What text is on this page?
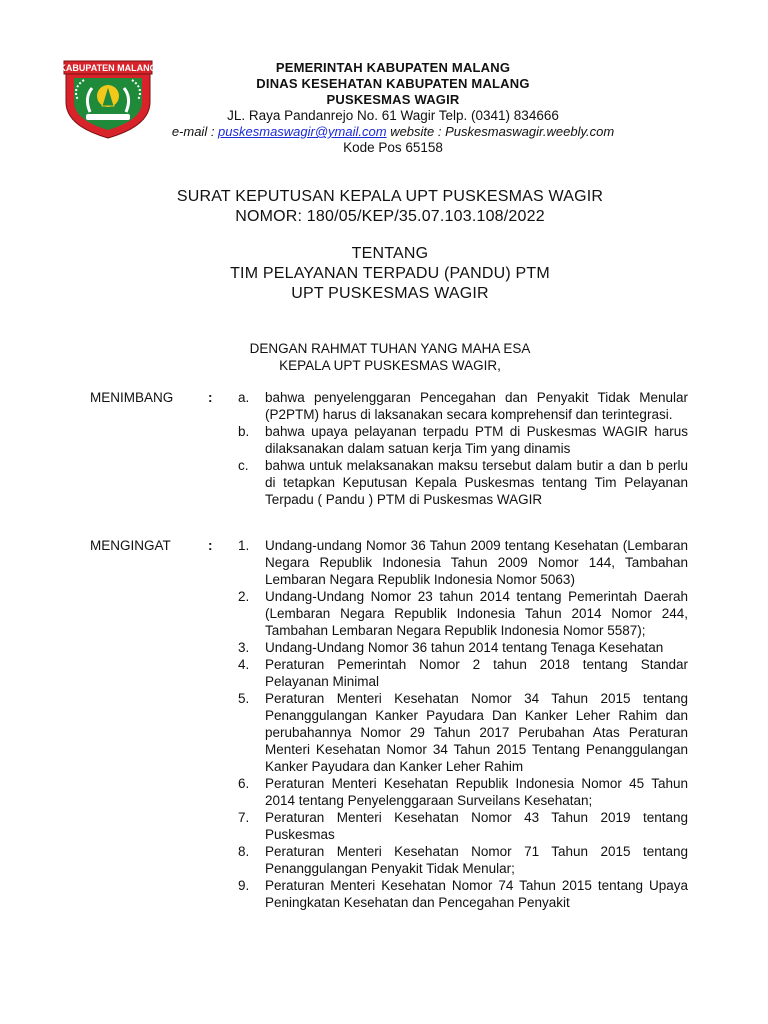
KABUPATEN MALANG	PEMERINTAH KABUPATEN MALANG
DINAS KESEHATAN KABUPATEN MALANG
PUSKESMAS WAGIR
JL. Raya Pandanrejo No. 61 Wagir Telp. (0341) 834666
e-mail : puskesmaswagir@ymail.com website : Puskesmaswagir.weebly.com
Kode Pos 65158
SURAT KEPUTUSAN KEPALA UPT PUSKESMAS WAGIR
NOMOR: 180/05/KEP/35.07.103.108/2022
TENTANG
TIM PELAYANAN TERPADU (PANDU) PTM
UPT PUSKESMAS WAGIR
DENGAN RAHMAT TUHAN YANG MAHA ESA
KEPALA UPT PUSKESMAS WAGIR,
MENIMBANG	: a.	bahwa penyelenggaran Pencegahan dan Penyakit Tidak Menular (P2PTM) harus di laksanakan secara komprehensif dan terintegrasi.
b.	bahwa upaya pelayanan terpadu PTM di Puskesmas WAGIR harus dilaksanakan dalam satuan kerja Tim yang dinamis
c.	bahwa untuk melaksanakan maksu tersebut dalam butir a dan b perlu di tetapkan Keputusan Kepala Puskesmas tentang Tim Pelayanan Terpadu ( Pandu ) PTM di Puskesmas WAGIR
MENGINGAT	: 1.	Undang-undang Nomor 36 Tahun 2009 tentang Kesehatan (Lembaran Negara Republik Indonesia Tahun 2009 Nomor 144, Tambahan Lembaran Negara Republik Indonesia Nomor 5063)
2.	Undang-Undang Nomor 23 tahun 2014 tentang Pemerintah Daerah (Lembaran Negara Republik Indonesia Tahun 2014 Nomor 244, Tambahan Lembaran Negara Republik Indonesia Nomor 5587);
3.	Undang-Undang Nomor 36 tahun 2014 tentang Tenaga Kesehatan
4.	Peraturan Pemerintah Nomor 2 tahun 2018 tentang Standar Pelayanan Minimal
5.	Peraturan Menteri Kesehatan Nomor 34 Tahun 2015 tentang Penanggulangan Kanker Payudara Dan Kanker Leher Rahim dan perubahannya Nomor 29 Tahun 2017 Perubahan Atas Peraturan Menteri Kesehatan Nomor 34 Tahun 2015 Tentang Penanggulangan Kanker Payudara dan Kanker Leher Rahim
6.	Peraturan Menteri Kesehatan Republik Indonesia Nomor 45 Tahun 2014 tentang Penyelenggaraan Surveilans Kesehatan;
7.	Peraturan Menteri Kesehatan Nomor 43 Tahun 2019 tentang Puskesmas
8.	Peraturan Menteri Kesehatan Nomor 71 Tahun 2015 tentang Penanggulangan Penyakit Tidak Menular;
9.	Peraturan Menteri Kesehatan Nomor 74 Tahun 2015 tentang Upaya Peningkatan Kesehatan dan Pencegahan Penyakit
